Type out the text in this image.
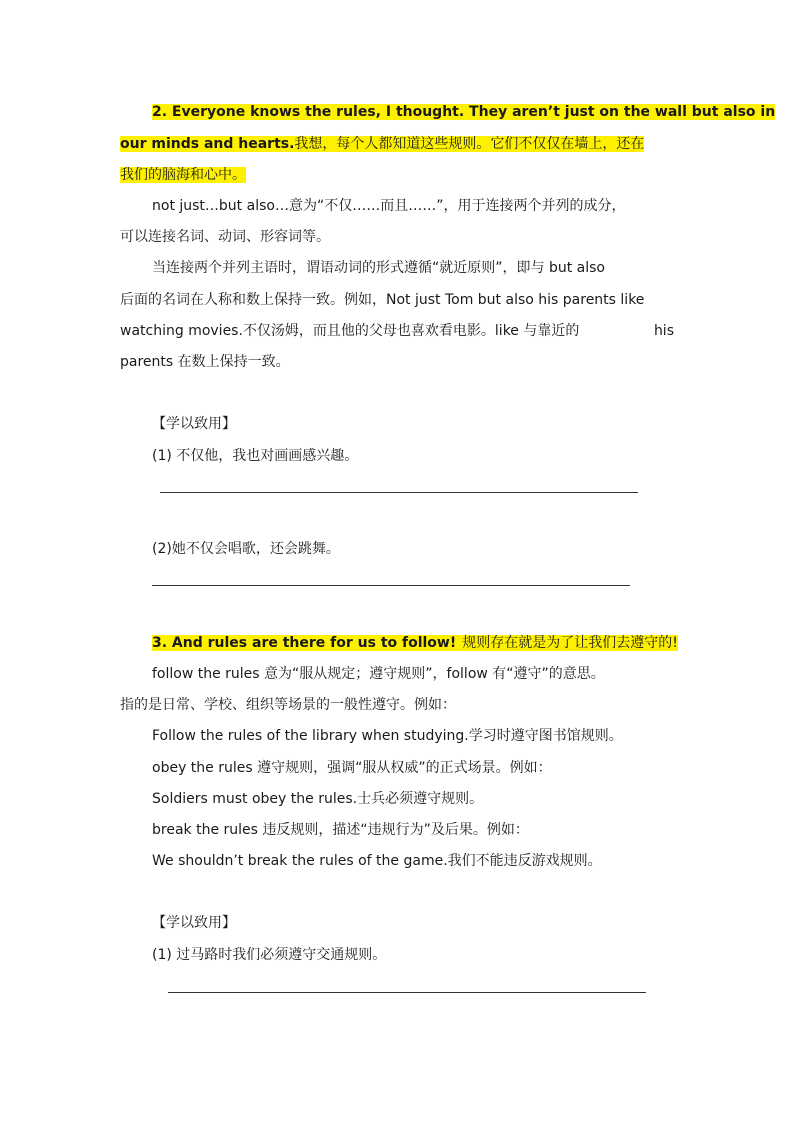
2. Everyone knows the rules, I thought. They aren’t just on the wall but also in
our minds and hearts.我想，每个人都知道这些规则。它们不仅仅在墙上，还在
我们的脑海和心中。
not just…but also…意为“不仅……而且……”，用于连接两个并列的成分，
可以连接名词、动词、形容词等。
当连接两个并列主语时，谓语动词的形式遵循“就近原则”，即与 but also
后面的名词在人称和数上保持一致。例如，Not just Tom but also his parents like
watching movies.不仅汤姆，而且他的父母也喜欢看电影。like 与靠近的	his
parents 在数上保持一致。
【学以致用】
(1) 不仅他，我也对画画感兴趣。
(2)她不仅会唱歌，还会跳舞。
3. And rules are there for us to follow! 规则存在就是为了让我们去遵守的!
follow the rules 意为“服从规定；遵守规则”，follow 有“遵守”的意思。
指的是日常、学校、组织等场景的一般性遵守。例如：
Follow the rules of the library when studying.学习时遵守图书馆规则。
obey the rules 遵守规则，强调“服从权威”的正式场景。例如：
Soldiers must obey the rules.士兵必须遵守规则。
break the rules 违反规则，描述“违规行为”及后果。例如：
We shouldn’t break the rules of the game.我们不能违反游戏规则。
【学以致用】
(1) 过马路时我们必须遵守交通规则。
